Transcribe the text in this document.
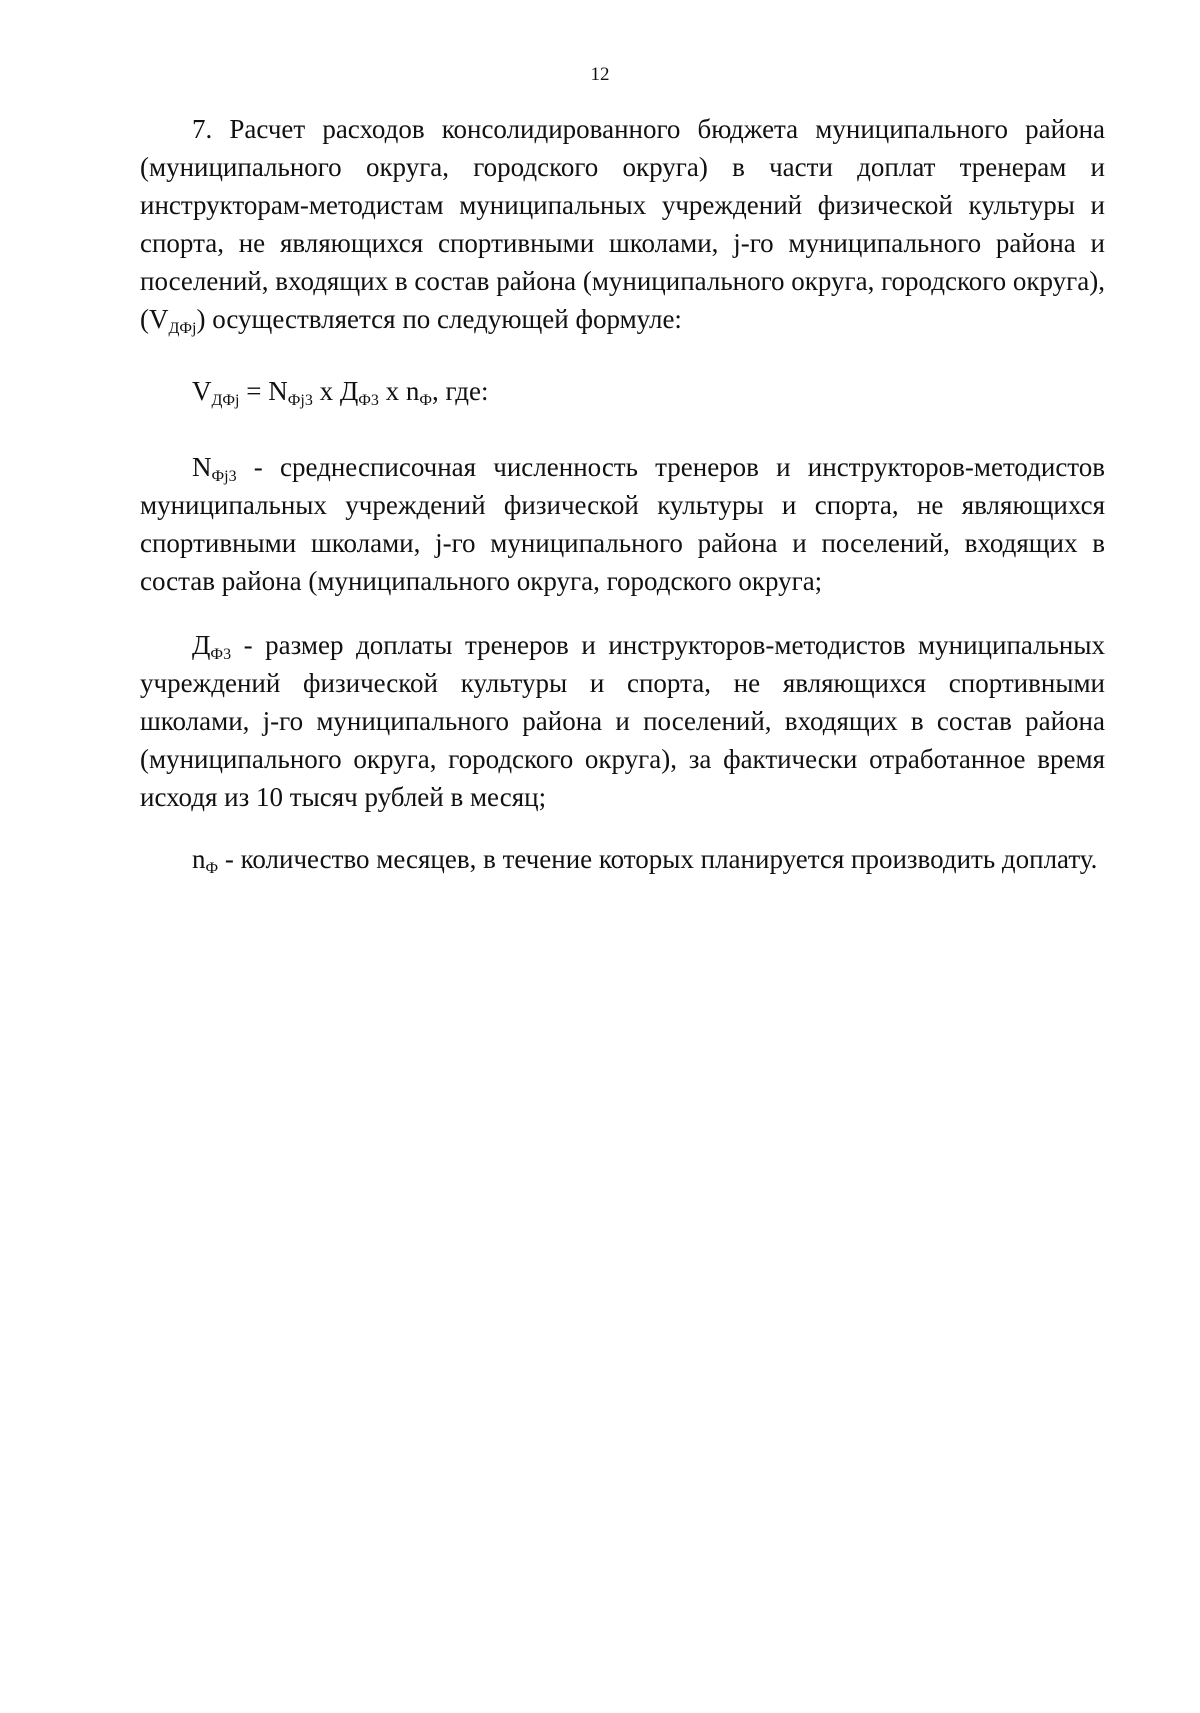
12

7. Расчет расходов консолидированного бюджета муниципального района (муниципального округа, городского округа) в части доплат тренерам и инструкторам-методистам муниципальных учреждений физической культуры и спорта, не являющихся спортивными школами, j-го муниципального района и поселений, входящих в состав района (муниципального округа, городского округа), $(V_{ДФj})$ осуществляется по следующей формуле:

$V_{ДФj} = N_{Фj3}$ x $Д_{Ф3}$ x $n_Ф$, где:

$N_{Фj3}$ - среднесписочная численность тренеров и инструкторов-методистов муниципальных учреждений физической культуры и спорта, не являющихся спортивными школами, j-го муниципального района и поселений, входящих в состав района (муниципального округа, городского округа;

$Д_{Ф3}$ - размер доплаты тренеров и инструкторов-методистов муниципальных учреждений физической культуры и спорта, не являющихся спортивными школами, j-го муниципального района и поселений, входящих в состав района (муниципального округа, городского округа), за фактически отработанное время исходя из 10 тысяч рублей в месяц;

$n_Ф$ - количество месяцев, в течение которых планируется производить доплату.
